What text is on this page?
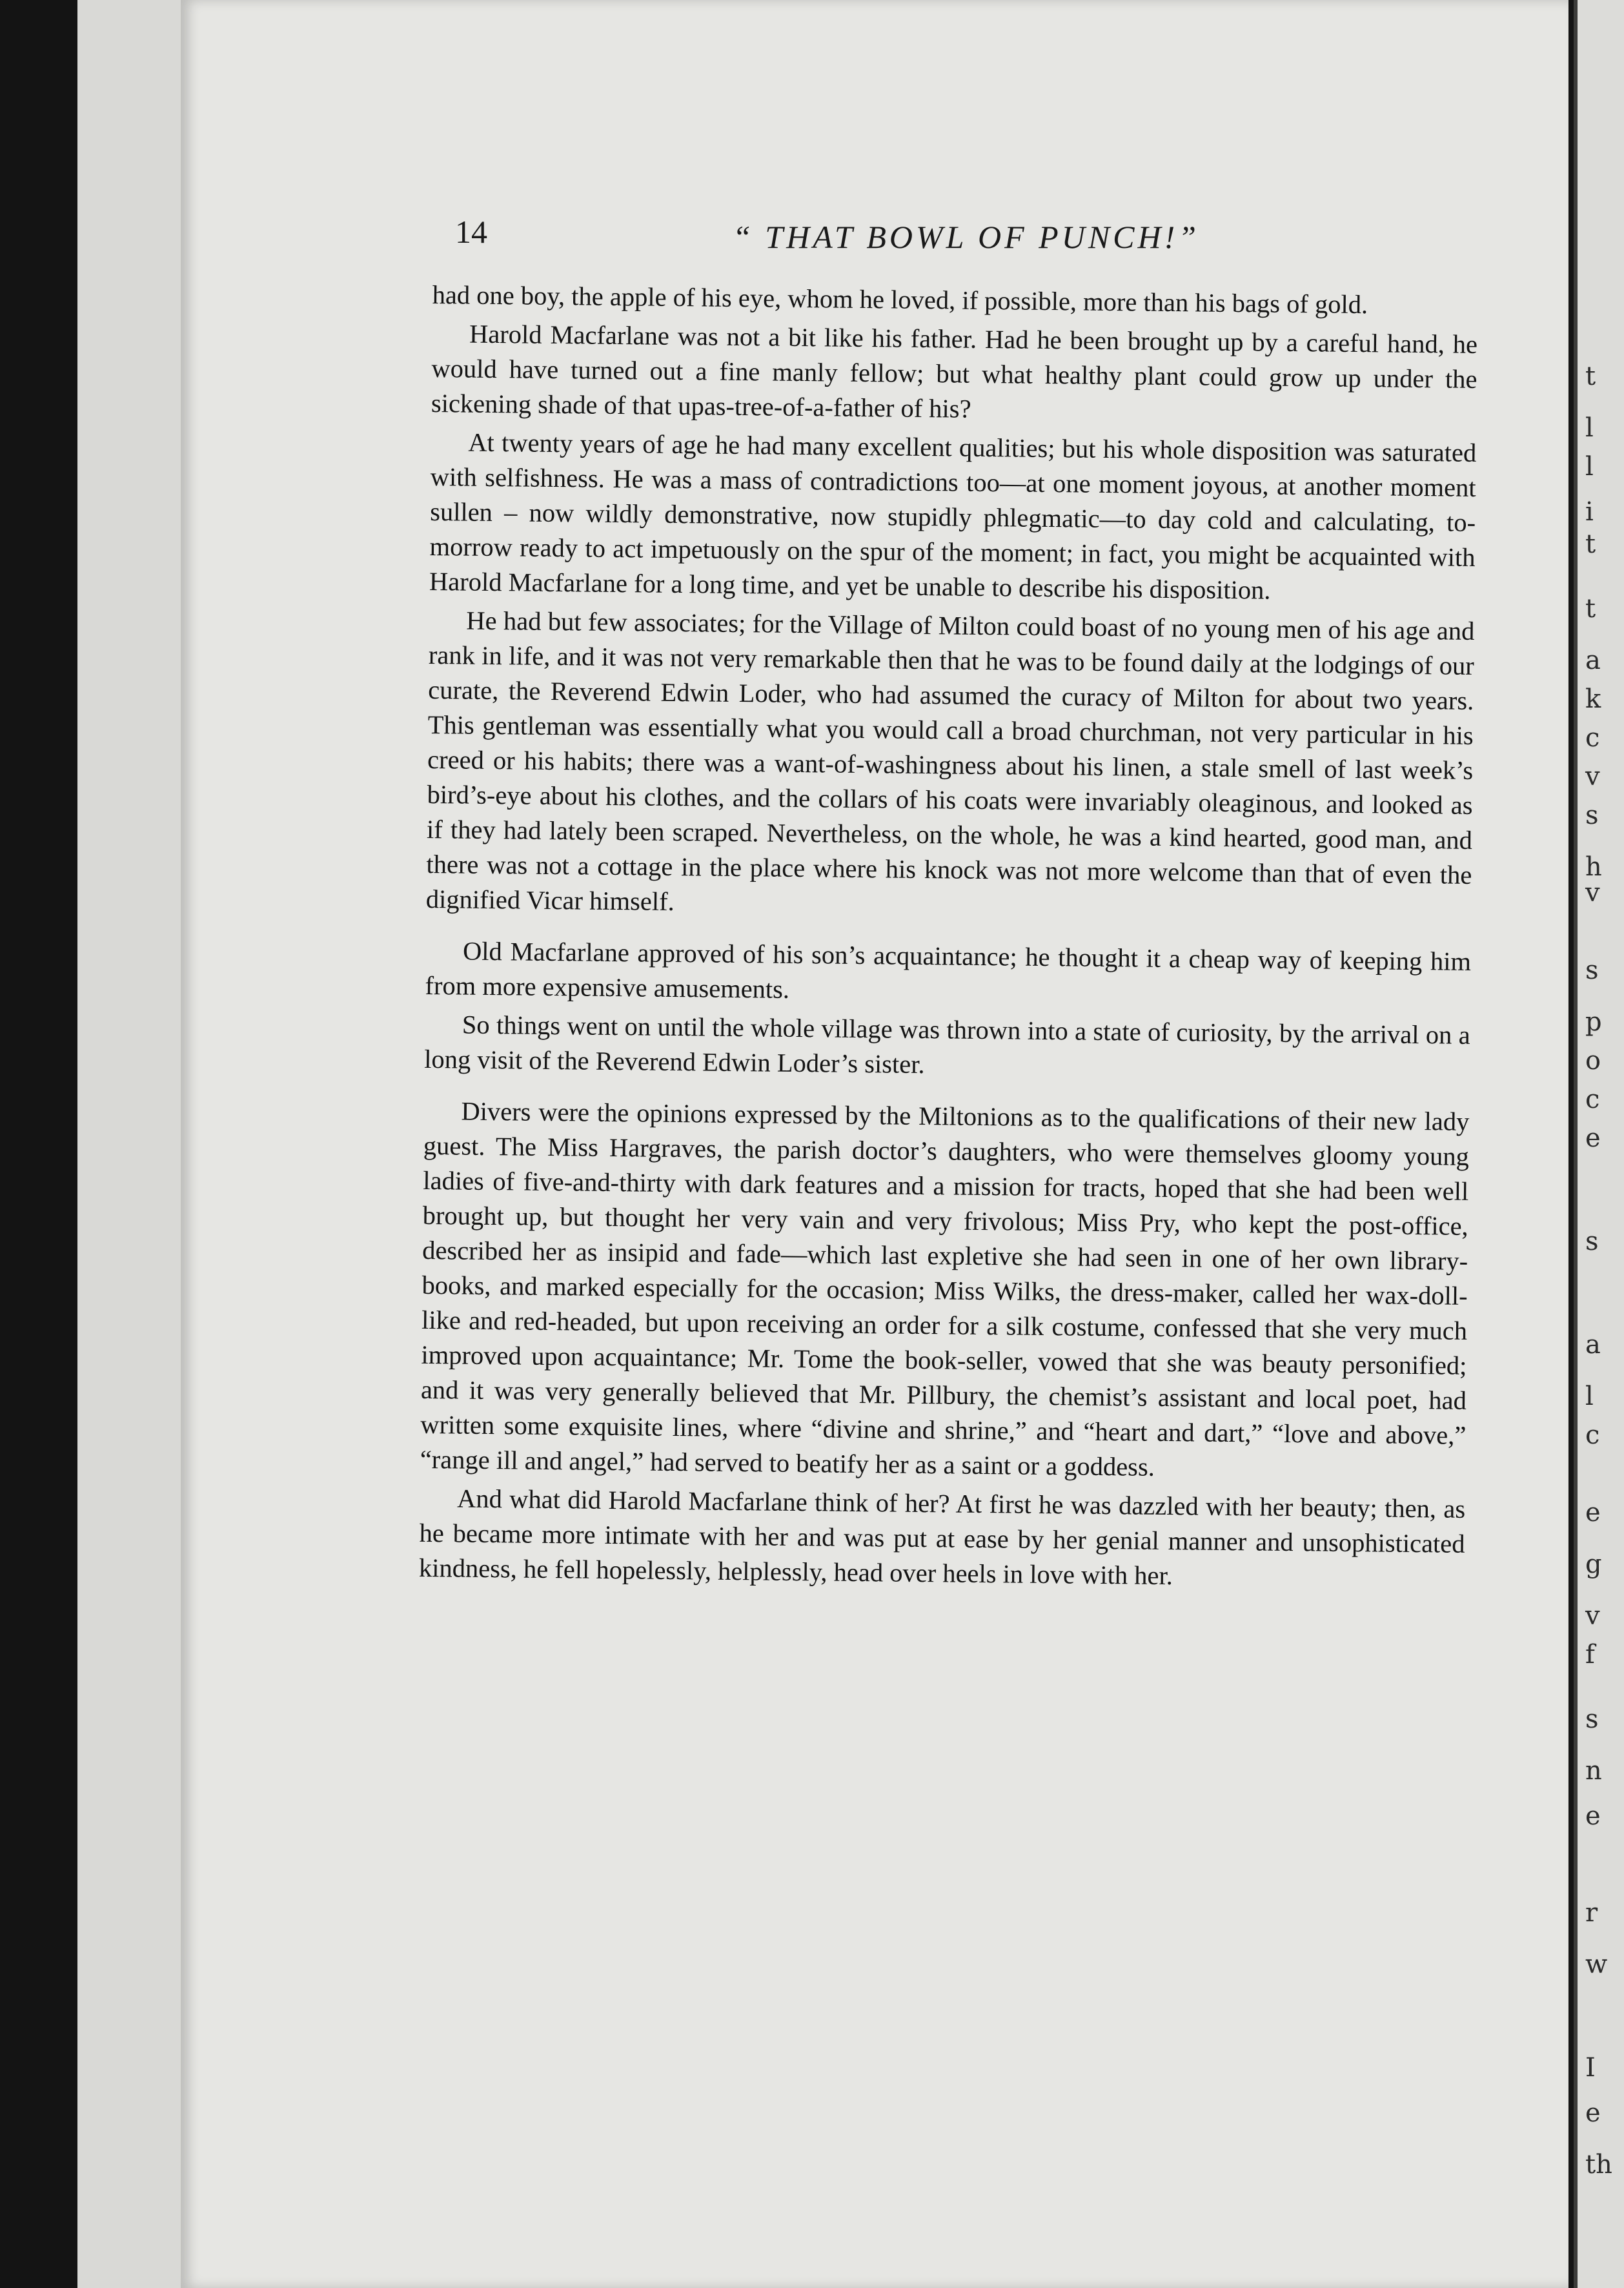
14	“ THAT BOWL OF PUNCH!”

had one boy, the apple of his eye, whom he loved, if possible, more than his bags of gold.

Harold Macfarlane was not a bit like his father. Had he been brought up by a careful hand, he would have turned out a fine manly fellow; but what healthy plant could grow up under the sickening shade of that upas-tree-of-a-father of his?

At twenty years of age he had many excellent qualities; but his whole disposition was saturated with selfishness. He was a mass of contradictions too—at one moment joyous, at another moment sullen – now wildly demonstrative, now stupidly phlegmatic—to day cold and calculating, to-morrow ready to act impetuously on the spur of the moment; in fact, you might be acquainted with Harold Macfarlane for a long time, and yet be unable to describe his disposition.

He had but few associates; for the Village of Milton could boast of no young men of his age and rank in life, and it was not very remarkable then that he was to be found daily at the lodgings of our curate, the Reverend Edwin Loder, who had assumed the curacy of Milton for about two years. This gentleman was essentially what you would call a broad churchman, not very particular in his creed or his habits; there was a want-of-washingness about his linen, a stale smell of last week’s bird’s-eye about his clothes, and the collars of his coats were invariably oleaginous, and looked as if they had lately been scraped. Nevertheless, on the whole, he was a kind hearted, good man, and there was not a cottage in the place where his knock was not more welcome than that of even the dignified Vicar himself.

Old Macfarlane approved of his son’s acquaintance; he thought it a cheap way of keeping him from more expensive amusements.

So things went on until the whole village was thrown into a state of curiosity, by the arrival on a long visit of the Reverend Edwin Loder’s sister.

Divers were the opinions expressed by the Miltonions as to the qualifications of their new lady guest. The Miss Hargraves, the parish doctor’s daughters, who were themselves gloomy young ladies of five-and-thirty with dark features and a mission for tracts, hoped that she had been well brought up, but thought her very vain and very frivolous; Miss Pry, who kept the post-office, described her as insipid and fade—which last expletive she had seen in one of her own library-books, and marked especially for the occasion; Miss Wilks, the dress-maker, called her wax-doll-like and red-headed, but upon receiving an order for a silk costume, confessed that she very much improved upon acquaintance; Mr. Tome the book-seller, vowed that she was beauty personified; and it was very generally believed that Mr. Pillbury, the chemist’s assistant and local poet, had written some exquisite lines, where “divine and shrine,” and “heart and dart,” “love and above,” “range ill and angel,” had served to beatify her as a saint or a goddess.

And what did Harold Macfarlane think of her? At first he was dazzled with her beauty; then, as he became more intimate with her and was put at ease by her genial manner and unsophisticated kindness, he fell hopelessly, helplessly, head over heels in love with her.

t
l
l
i
t
t
a
k
c
v
s
h
v
s
p
o
c
e
s
a
l
c
e
g
v
f
s
n
e
r
w
I
e
th
